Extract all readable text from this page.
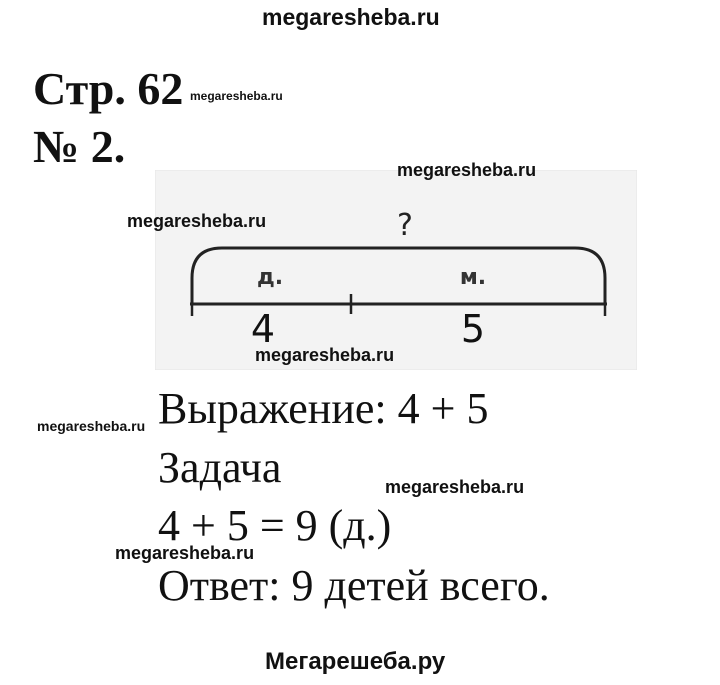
megaresheba.ru
Стр. 62 megaresheba.ru
№ 2.
?
д.	м.
4	5
megaresheba.ru
megaresheba.ru
megaresheba.ru
Выражение: 4 + 5
megaresheba.ru
Задача	megaresheba.ru
4 + 5 = 9 (д.)
megaresheba.ru
Ответ: 9 детей всего.
Мегарешеба.ру
